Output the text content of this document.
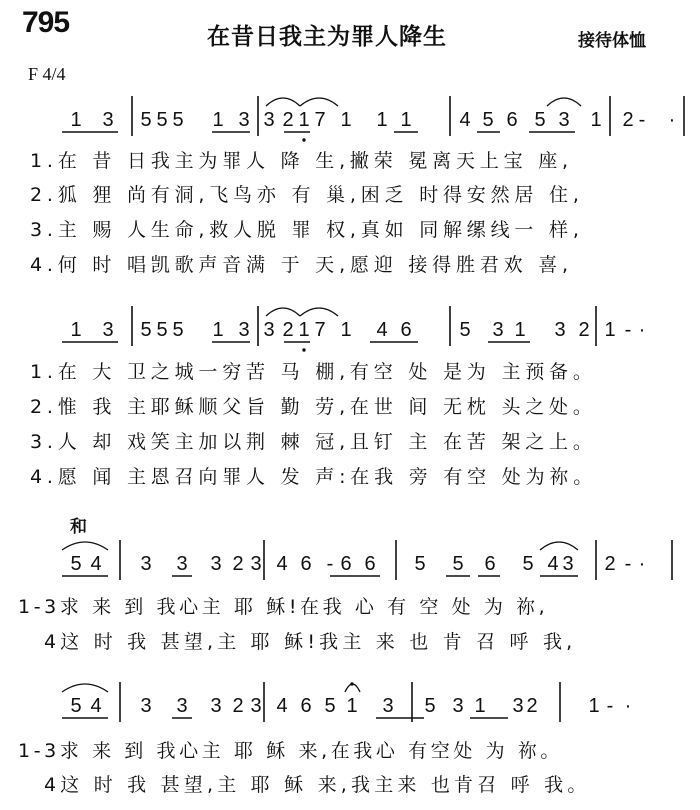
795	在昔日我主为罪人降生	接待体恤
F 4/4
和
1 3 5 5 5 1 3 3 2 1 7 1 1 1 4 5 6 5 3 1 2 - ·
1.在 昔 日我主为罪人 降 生,撇荣 冕离天上宝 座,
2.狐 狸 尚有洞,飞鸟亦 有 巢,困乏 时得安然居 住,
3.主 赐 人生命,救人脱 罪 权,真如 同解缧线一 样,
4.何 时 唱凯歌声音满 于 天,愿迎 接得胜君欢 喜,
1 3 5 5 5 1 3 3 2 1 7 1 4 6 5 3 1 3 2 1 - ·
1.在 大 卫之城一穷苦 马 棚,有空 处 是为 主预备。
2.惟 我 主耶稣顺父旨 勤 劳,在世 间 无枕 头之处。
3.人 却 戏笑主加以荆 棘 冠,且钉 主 在苦 架之上。
4.愿 闻 主恩召向罪人 发 声:在我 旁 有空 处为祢。
5 4 3 3 3 2 3 4 6 - 6 6 5 5 6 5 4 3 2 - ·
1-3求 来 到 我心主 耶 稣!在我 心 有 空 处 为 祢,
4这 时 我 甚望,主 耶 稣!我主 来 也 肯 召 呼 我,
5 4 3 3 3 2 3 4 6 5 1 3 5 3 1 3 2	1 - ·
1-3求 来 到 我心主 耶 稣 来,在我心 有空处 为 祢。
4这 时 我 甚望,主 耶 稣 来,我主来 也肯召 呼 我。
